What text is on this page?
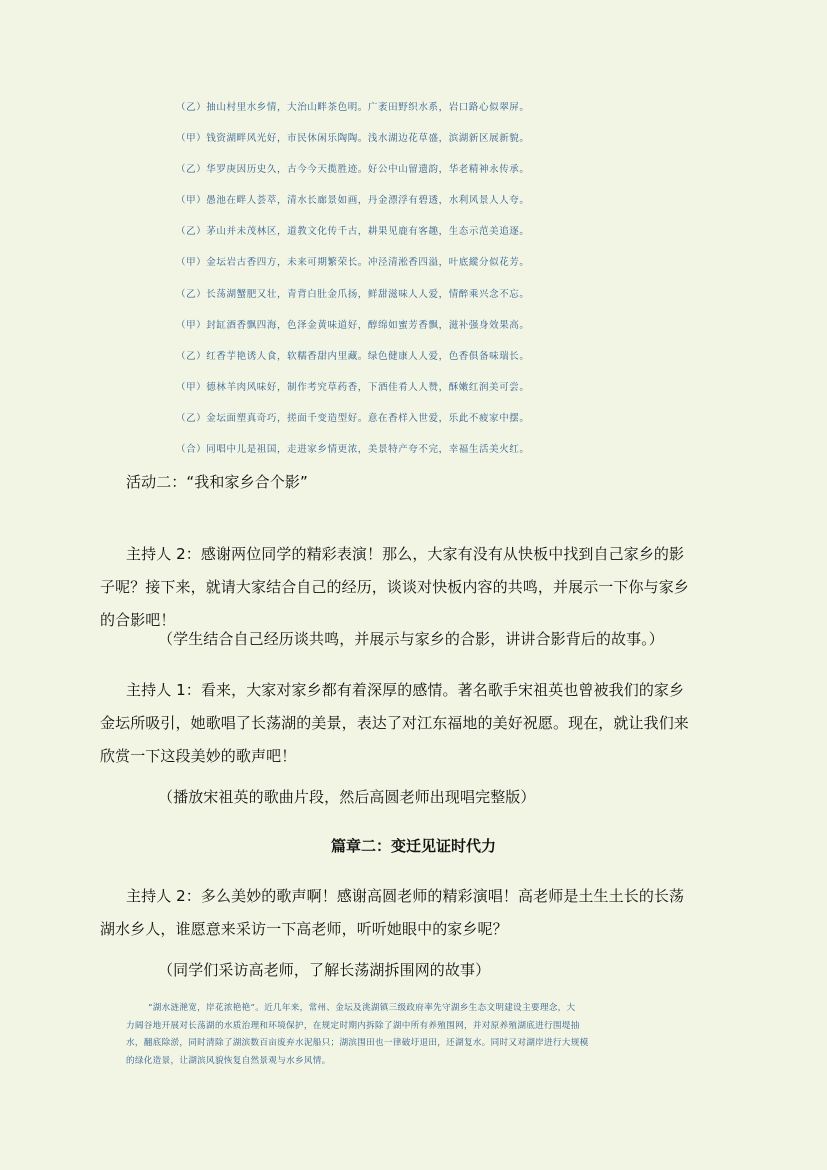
（乙）抽山村里水乡情，大治山畔茶色明。广袤田野织水系，岩口路心似翠屏。
（甲）钱资湖畔风光好，市民休闲乐陶陶。浅水湖边花草盛，滨湖新区展新貌。
（乙）华罗庚因历史久，古今今天揽胜迹。好公中山留遗韵，华老精神永传承。
（甲）愚池在畔人荟萃，清水长廊景如画，丹金漂浮有碧透，水利风景人人夸。
（乙）茅山并未茂林区，道教文化传千古，耕果见鹿有客趣，生态示范美追逐。
（甲）金坛岩古香四方，未来可期繁荣长。冲泾清淞香四溢，叶底縱分似花芳。
（乙）长荡湖蟹肥又壮，青背白肚金爪扬，鲜甜滋味人人爱，情醉乘兴念不忘。
（甲）封缸酒香飘四海，色泽金黄味道好，醇绵如蜜芳香飘，滋补强身效果高。
（乙）红香芋艳诱人食，软糯香甜内里藏。绿色健康人人爱，色香俱备味瑞长。
（甲）德林羊肉风味好，制作考究草药香，下酒佳肴人人赞，酥嫩红润美可尝。
（乙）金坛面塑真奇巧，搓面千变造型好。意在香样入世爱，乐此不疲家中摆。
（合）同唱中儿是祖国，走进家乡情更浓，美景特产夸不完，幸福生活美火红。
活动二：“我和家乡合个影”
主持人 2：感谢两位同学的精彩表演！那么，大家有没有从快板中找到自己家乡的影
子呢？接下来，就请大家结合自己的经历，谈谈对快板内容的共鸣，并展示一下你与家乡
的合影吧！
（学生结合自己经历谈共鸣，并展示与家乡的合影，讲讲合影背后的故事。）
主持人 1：看来，大家对家乡都有着深厚的感情。著名歌手宋祖英也曾被我们的家乡
金坛所吸引，她歌唱了长荡湖的美景，表达了对江东福地的美好祝愿。现在，就让我们来
欣赏一下这段美妙的歌声吧！
（播放宋祖英的歌曲片段，然后高圆老师出现唱完整版）
篇章二：变迁见证时代力
主持人 2：多么美妙的歌声啊！感谢高圆老师的精彩演唱！高老师是土生土长的长荡
湖水乡人，谁愿意来采访一下高老师，听听她眼中的家乡呢？
（同学们采访高老师，了解长荡湖拆围网的故事）
“湖水涟滟宽，岸花浓艳艳”。近几年来，常州、金坛及洮湖镇三级政府率先守湖乡生态文明建设主要理念，大
力阔谷地开展对长荡湖的水质治理和环境保护，在规定时期内拆除了湖中所有养殖围网，并对原养殖湖底进行围堤抽
水，翻底除淤，同时清除了湖滨数百亩废弃水泥船只；湖滨围田也一律破圩退田，还湖复水。同时又对湖岸进行大规模
的绿化造景，让湖滨风貌恢复自然景观与水乡风情。
